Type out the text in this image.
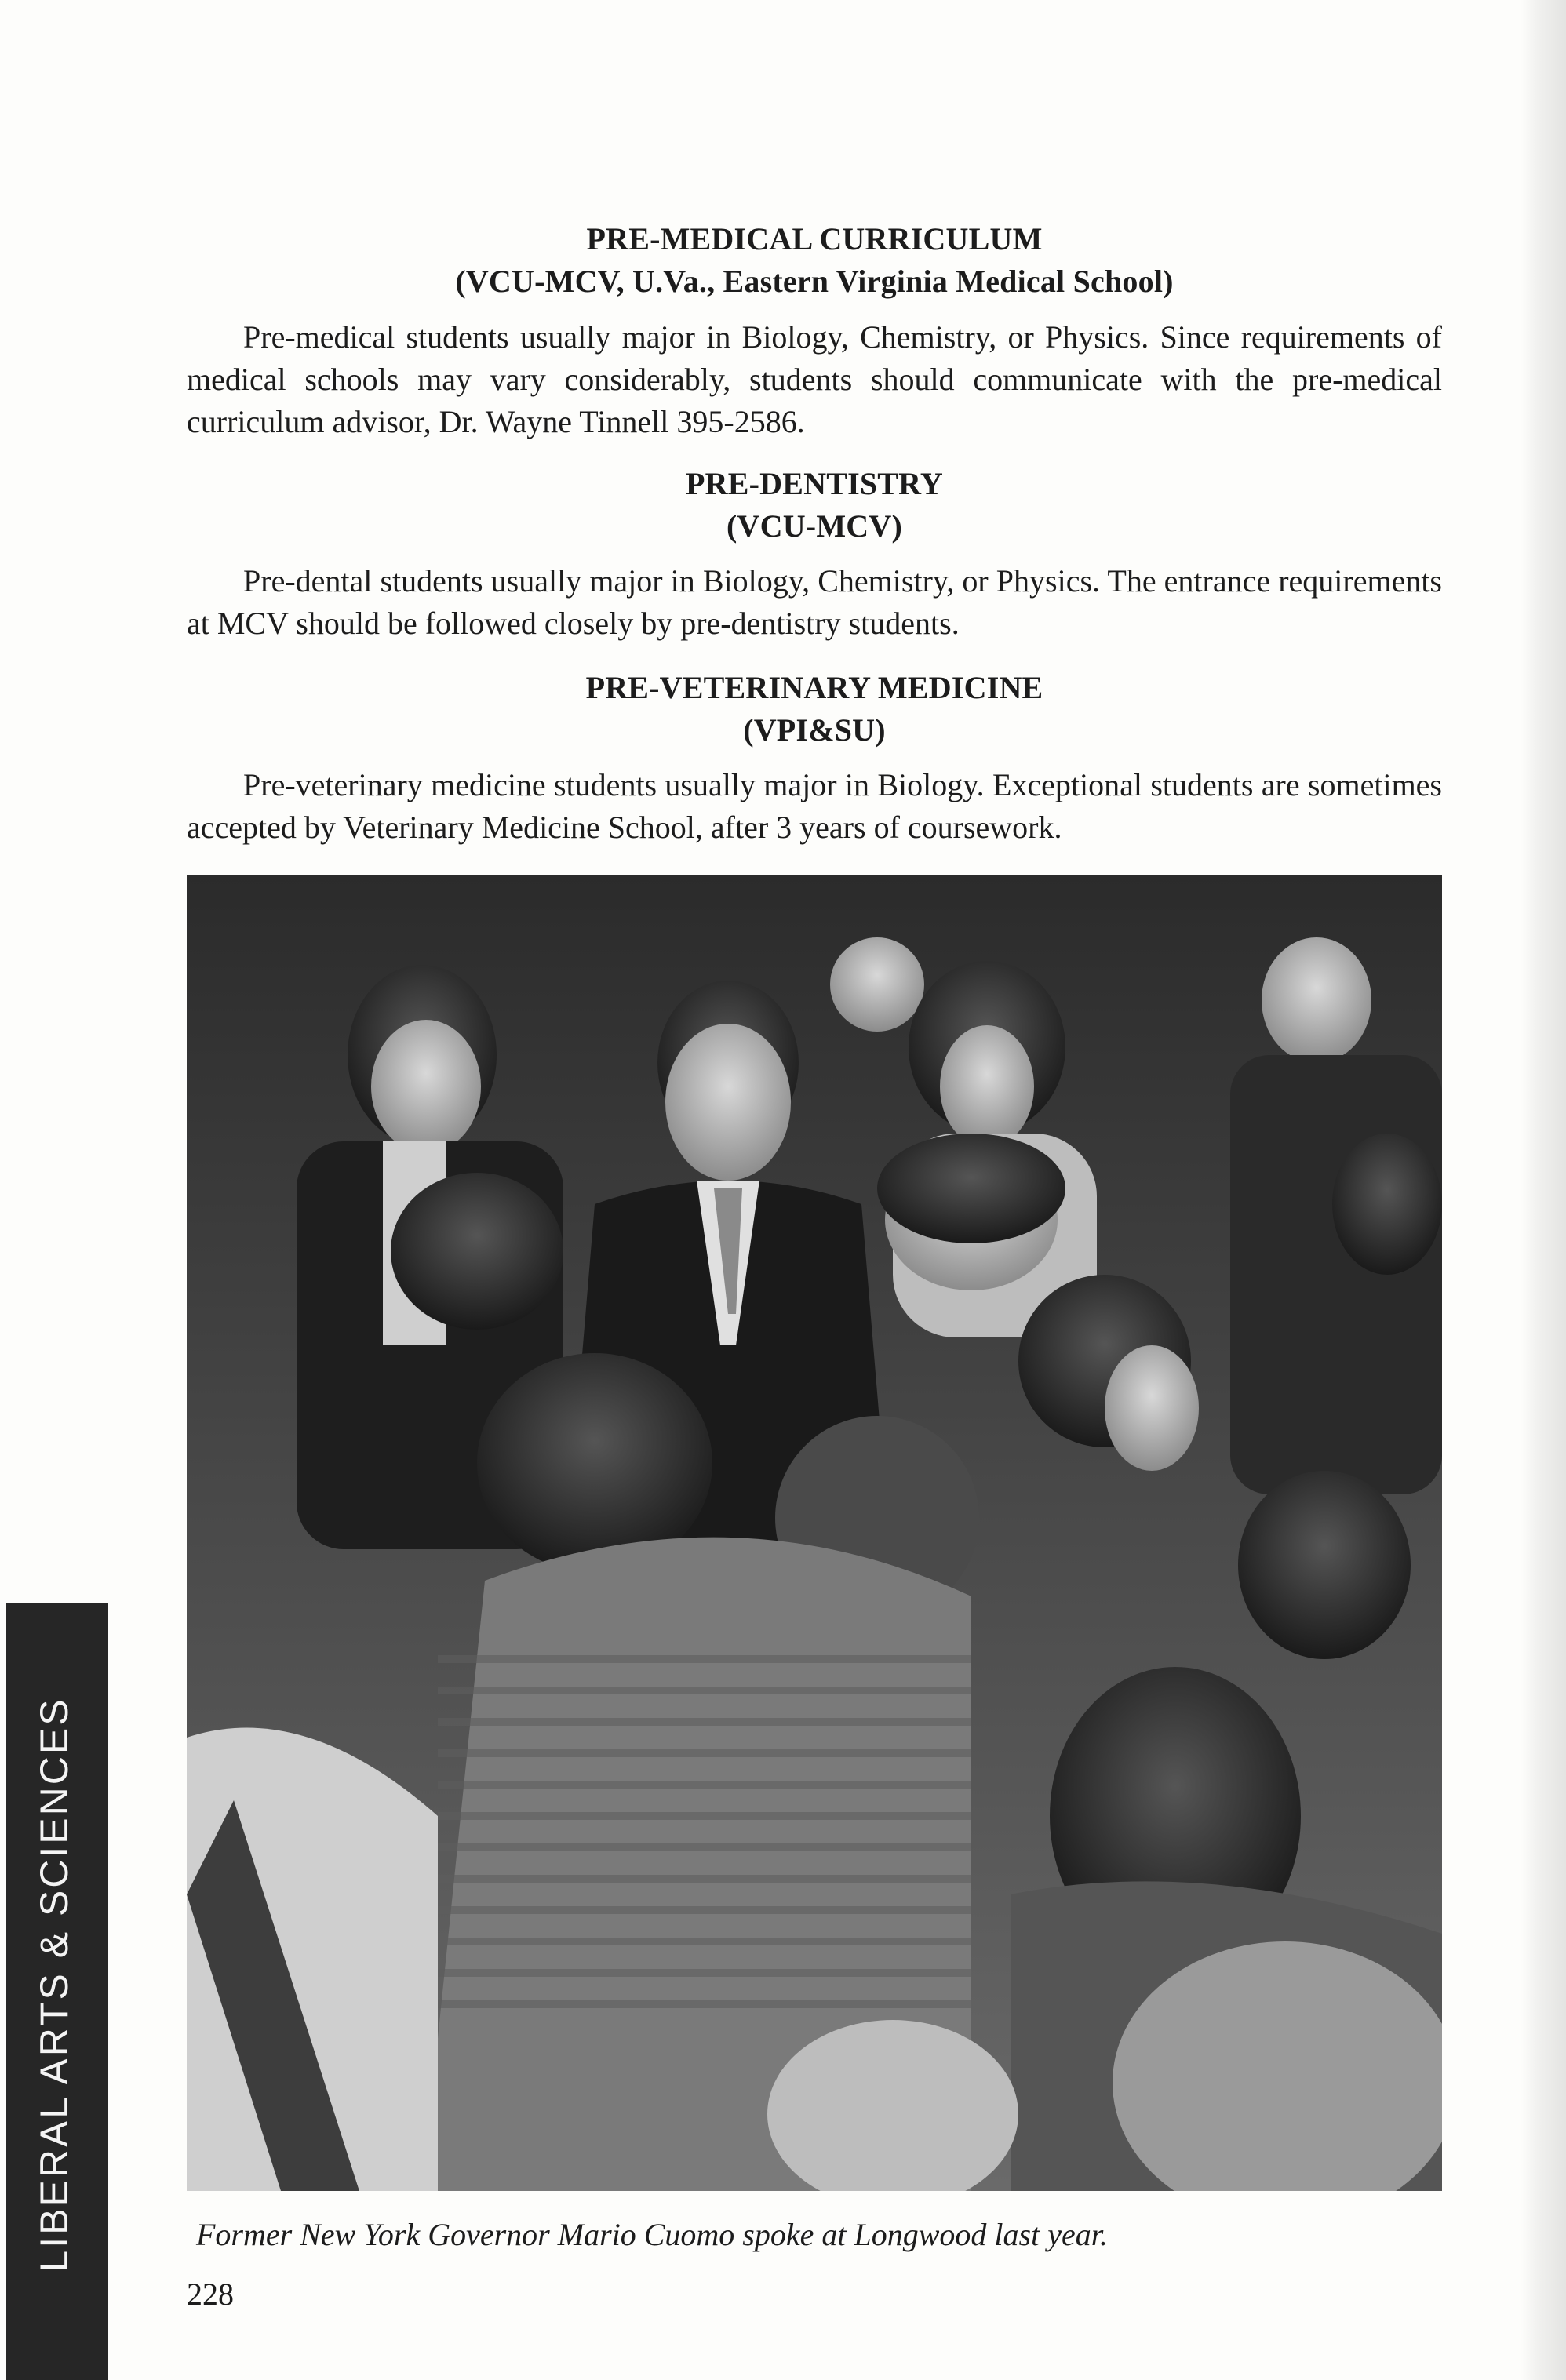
PRE-MEDICAL CURRICULUM

(VCU-MCV, U.Va., Eastern Virginia Medical School)

Pre-medical students usually major in Biology, Chemistry, or Physics. Since requirements of medical schools may vary considerably, students should communicate with the pre-medical curriculum advisor, Dr. Wayne Tinnell 395-2586.

PRE-DENTISTRY

(VCU-MCV)

Pre-dental students usually major in Biology, Chemistry, or Physics. The entrance requirements at MCV should be followed closely by pre-dentistry students.

PRE-VETERINARY MEDICINE

(VPI&SU)

Pre-veterinary medicine students usually major in Biology. Exceptional students are sometimes accepted by Veterinary Medicine School, after 3 years of coursework.

Former New York Governor Mario Cuomo spoke at Longwood last year.

228

LIBERAL ARTS & SCIENCES
